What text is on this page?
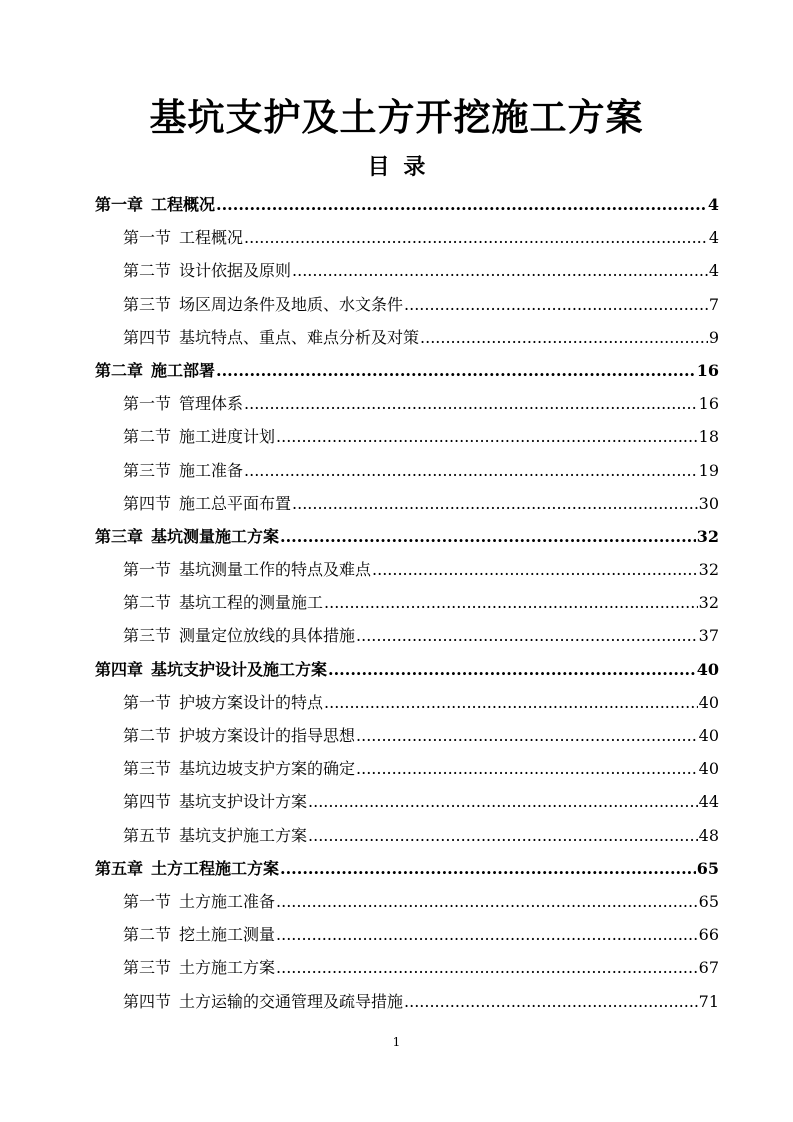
基坑支护及土方开挖施工方案
目 录
第一章 工程概况 .....	4
第一节 工程概况 .....	4
第二节 设计依据及原则 .....	4
第三节 场区周边条件及地质、水文条件 .....	7
第四节 基坑特点、重点、难点分析及对策 .....	9
第二章 施工部署 .....	16
第一节 管理体系 .....	16
第二节 施工进度计划 .....	18
第三节 施工准备 .....	19
第四节 施工总平面布置 .....	30
第三章 基坑测量施工方案 .....	32
第一节 基坑测量工作的特点及难点 .....	32
第二节 基坑工程的测量施工 .....	32
第三节 测量定位放线的具体措施 .....	37
第四章 基坑支护设计及施工方案 .....	40
第一节 护坡方案设计的特点 .....	40
第二节 护坡方案设计的指导思想 .....	40
第三节 基坑边坡支护方案的确定 .....	40
第四节 基坑支护设计方案 .....	44
第五节 基坑支护施工方案 .....	48
第五章 土方工程施工方案 .....	65
第一节 土方施工准备 .....	65
第二节 挖土施工测量 .....	66
第三节 土方施工方案 .....	67
第四节 土方运输的交通管理及疏导措施 .....	71
1
